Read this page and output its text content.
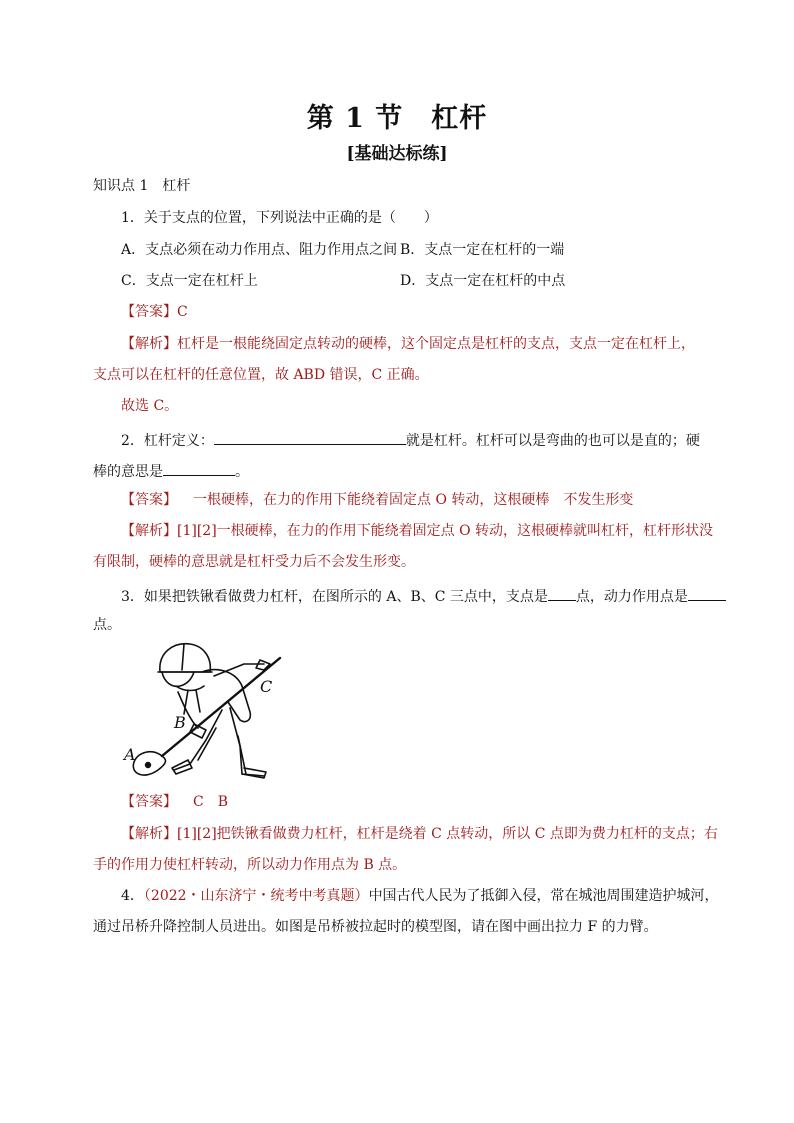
第 1 节　杠杆
[基础达标练]
知识点 1　杠杆
1．关于支点的位置，下列说法中正确的是（　　）
A．支点必须在动力作用点、阻力作用点之间 B．支点一定在杠杆的一端
C．支点一定在杠杆上	D．支点一定在杠杆的中点
【答案】C
【解析】杠杆是一根能绕固定点转动的硬棒，这个固定点是杠杆的支点，支点一定在杠杆上，
支点可以在杠杆的任意位置，故 ABD 错误，C 正确。
故选 C。
2．杠杆定义：	就是杠杆。杠杆可以是弯曲的也可以是直的；硬
棒的意思是	。
【答案】 一根硬棒，在力的作用下能绕着固定点 O 转动，这根硬棒　不发生形变
【解析】[1][2]一根硬棒，在力的作用下能绕着固定点 O 转动，这根硬棒就叫杠杆，杠杆形状没
有限制，硬棒的意思就是杠杆受力后不会发生形变。
3．如果把铁锹看做费力杠杆，在图所示的 A、B、C 三点中，支点是 点，动力作用点是
点。
A
B
C
【答案】 C　B
【解析】[1][2]把铁锹看做费力杠杆，杠杆是绕着 C 点转动，所以 C 点即为费力杠杆的支点；右
手的作用力使杠杆转动，所以动力作用点为 B 点。
4．（2022・山东济宁・统考中考真题）中国古代人民为了抵御入侵，常在城池周围建造护城河，
通过吊桥升降控制人员进出。如图是吊桥被拉起时的模型图，请在图中画出拉力 F 的力臂。
